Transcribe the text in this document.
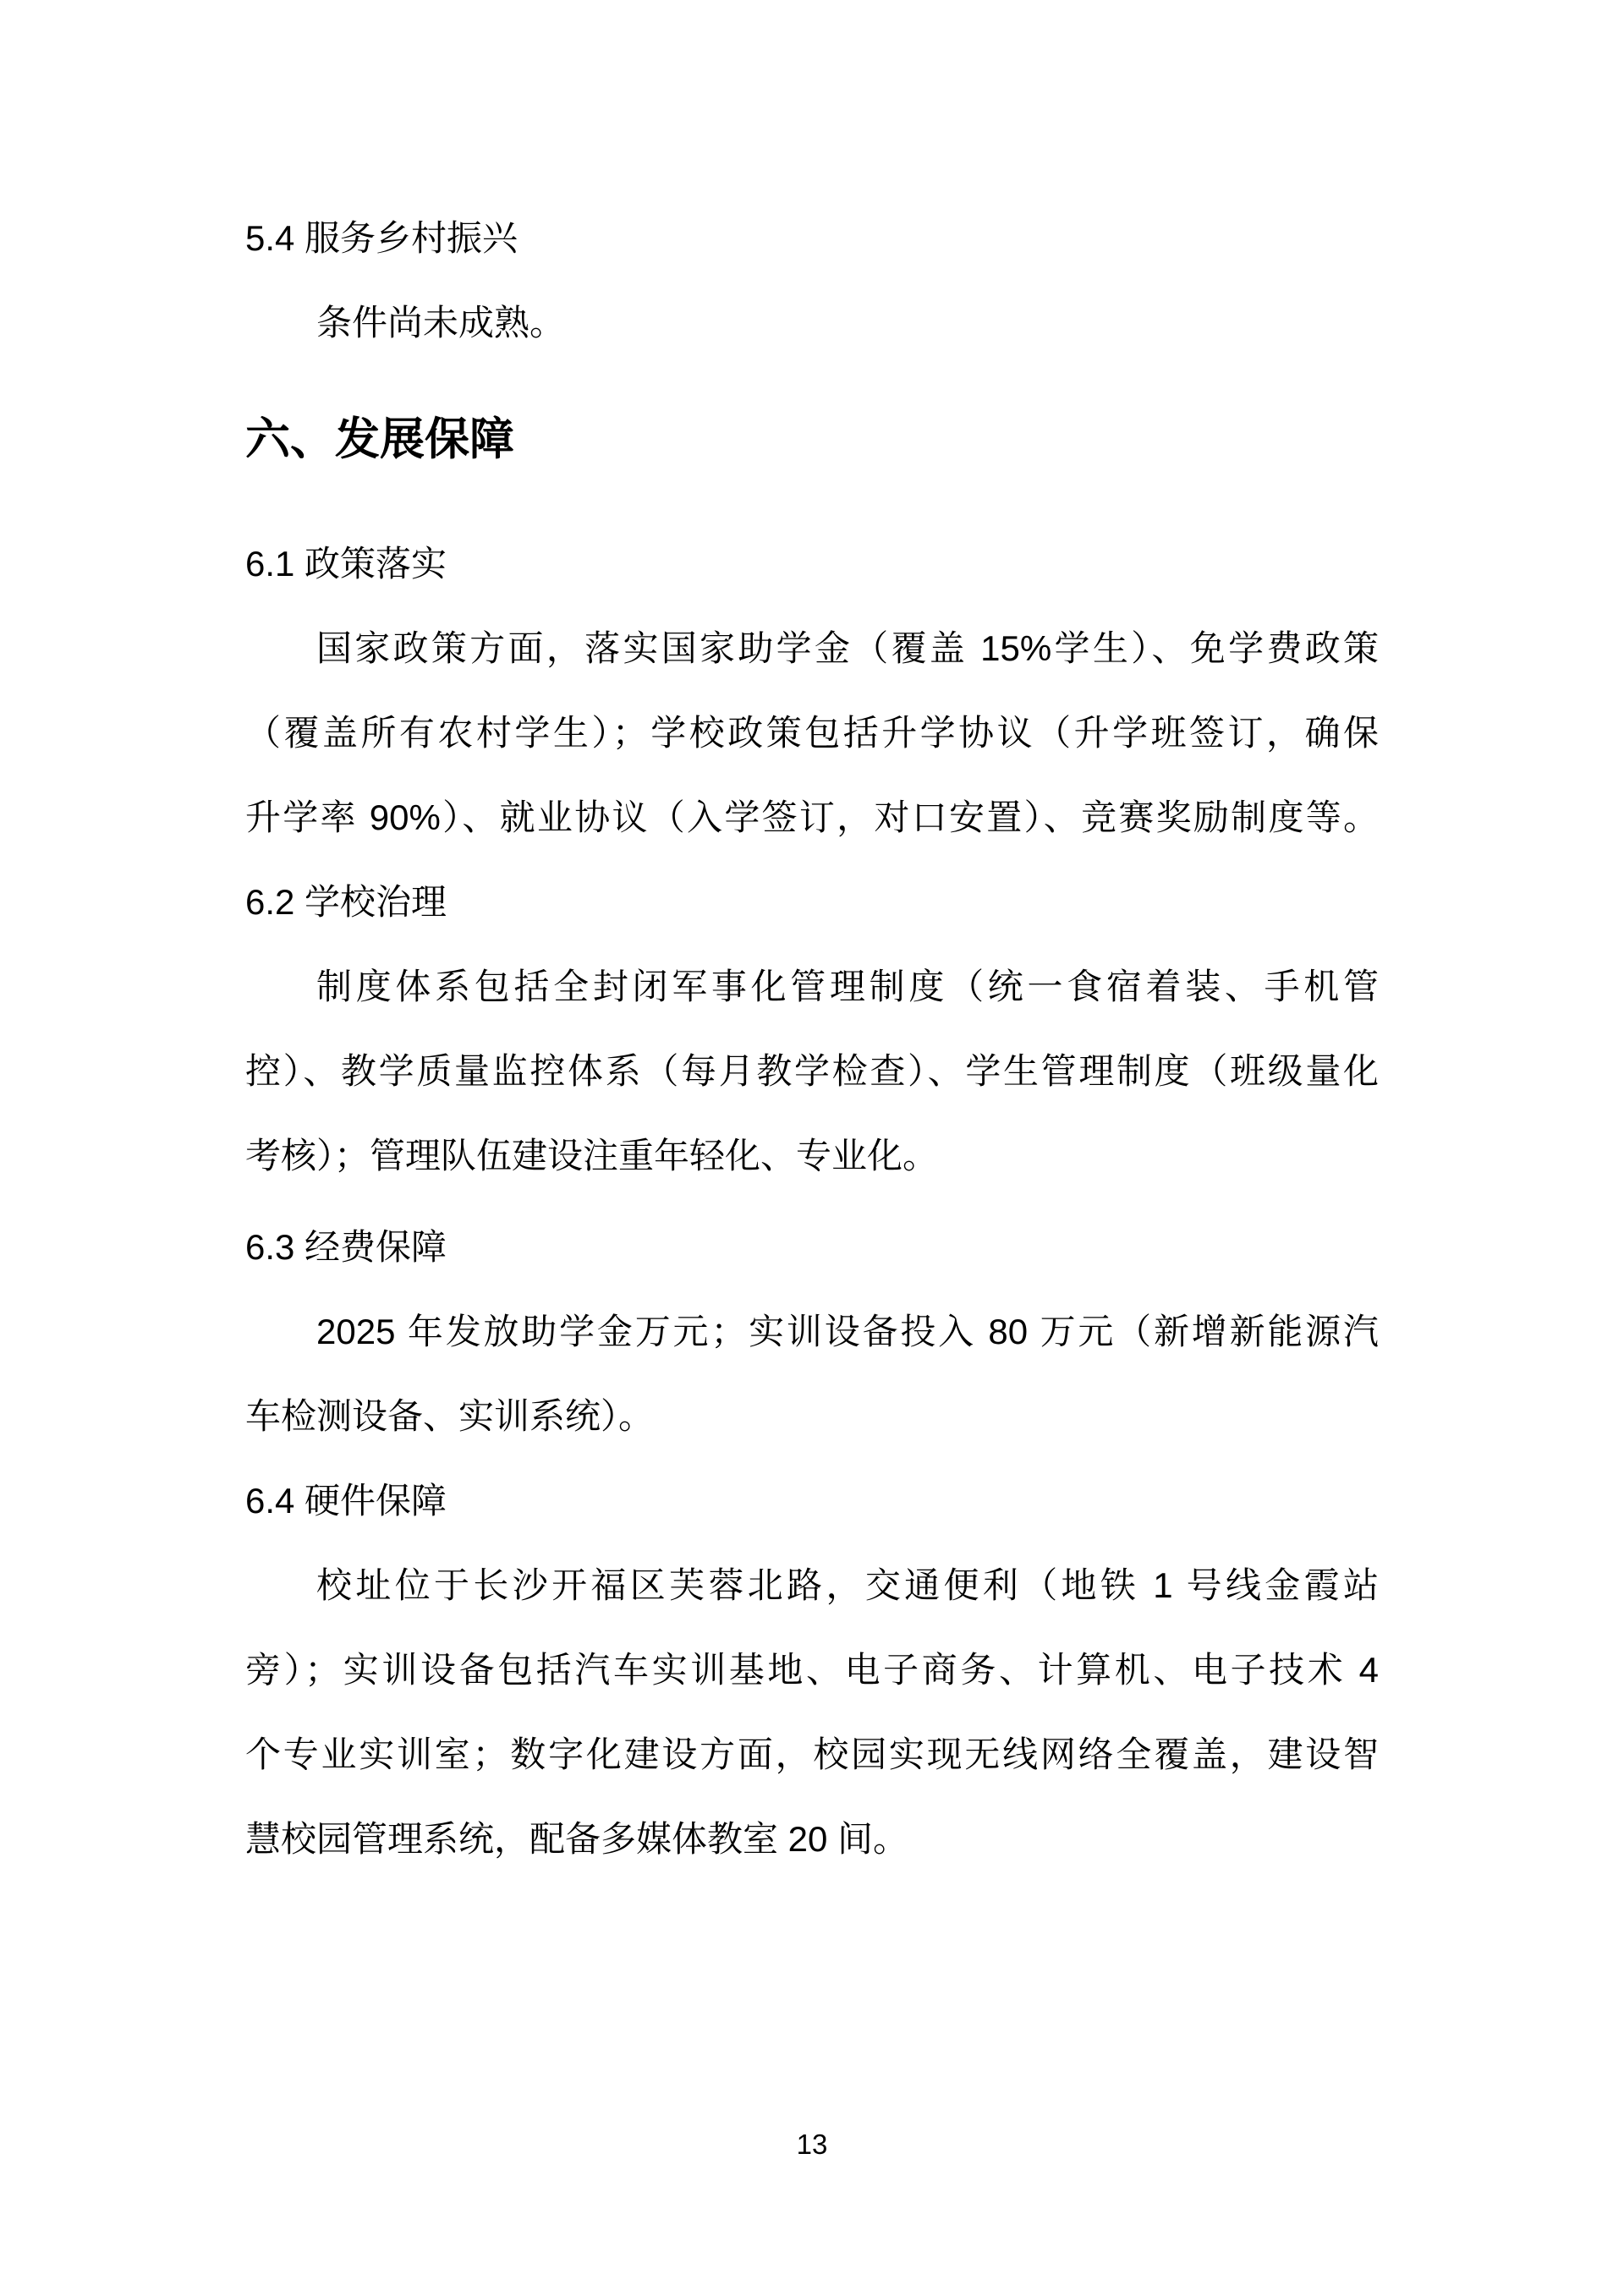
5.4 服务乡村振兴
条件尚未成熟。
六、发展保障
6.1 政策落实
国家政策方面，落实国家助学金（覆盖 15%学生）、免学费政策
（覆盖所有农村学生）；学校政策包括升学协议（升学班签订，确保
升学率 90%）、就业协议（入学签订，对口安置）、竞赛奖励制度等。
6.2 学校治理
制度体系包括全封闭军事化管理制度（统一食宿着装、手机管
控）、教学质量监控体系（每月教学检查）、学生管理制度（班级量化
考核）；管理队伍建设注重年轻化、专业化。
6.3 经费保障
2025 年发放助学金万元；实训设备投入 80 万元（新增新能源汽
车检测设备、实训系统）。
6.4 硬件保障
校址位于长沙开福区芙蓉北路，交通便利（地铁 1 号线金霞站
旁）；实训设备包括汽车实训基地、电子商务、计算机、电子技术 4
个专业实训室；数字化建设方面，校园实现无线网络全覆盖，建设智
慧校园管理系统，配备多媒体教室 20 间。
13
